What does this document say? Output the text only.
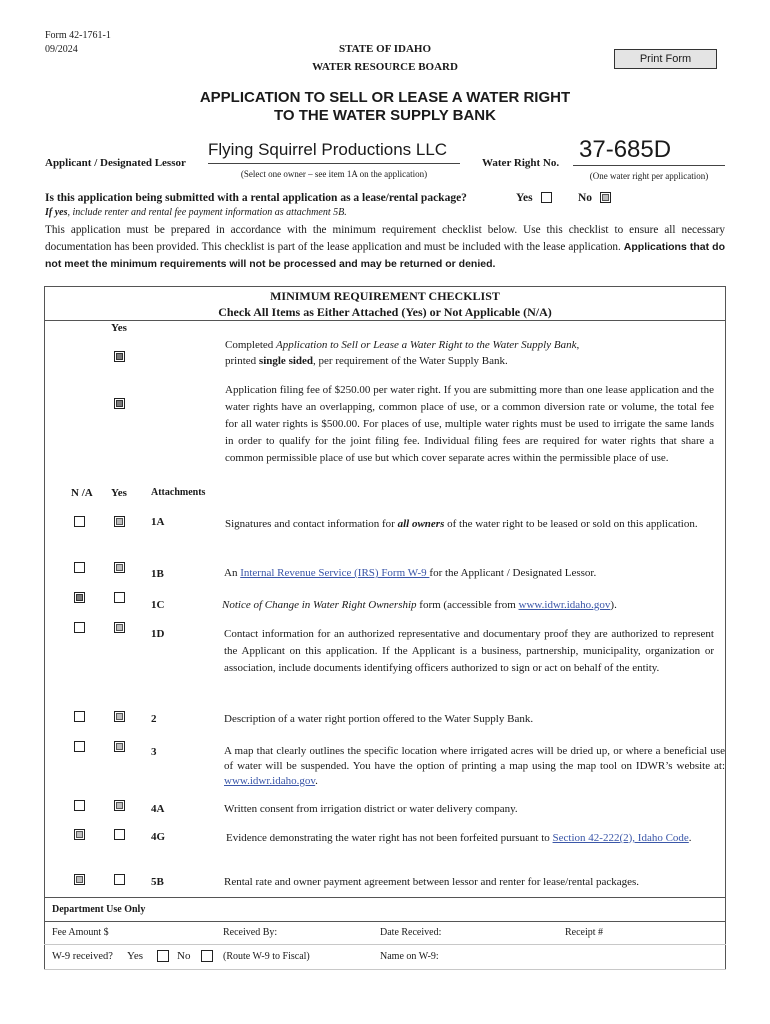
Form 42-1761-1
09/2024	STATE OF IDAHO
WATER RESOURCE BOARD
Print Form
APPLICATION TO SELL OR LEASE A WATER RIGHT
TO THE WATER SUPPLY BANK
Applicant / Designated Lessor
Flying Squirrel Productions LLC
(Select one owner – see item 1A on the application)
Water Right No. 37-685D
(One water right per application)
Is this application being submitted with a rental application as a lease/rental package?	Yes	No
If yes, include renter and rental fee payment information as attachment 5B.
This application must be prepared in accordance with the minimum requirement checklist below. Use this checklist to ensure all necessary documentation has been provided. This checklist is part of the lease application and must be included with the lease application. Applications that do not meet the minimum requirements will not be processed and may be returned or denied.
MINIMUM REQUIREMENT CHECKLIST
Check All Items as Either Attached (Yes) or Not Applicable (N/A)
Yes
Completed Application to Sell or Lease a Water Right to the Water Supply Bank,
printed single sided, per requirement of the Water Supply Bank.
Application filing fee of $250.00 per water right. If you are submitting more than one lease application and the water rights have an overlapping, common place of use, or a common diversion rate or volume, the total fee for all water rights is $500.00. For places of use, multiple water rights must be used to irrigate the same lands in order to qualify for the joint filing fee. Individual filing fees are required for water rights that share a common permissible place of use but which cover separate acres within the permissible place of use.
N /A Yes Attachments
1A	Signatures and contact information for all owners of the water right to be leased or sold on this application.
1B	An Internal Revenue Service (IRS) Form W-9 for the Applicant / Designated Lessor.
1C	Notice of Change in Water Right Ownership form (accessible from www.idwr.idaho.gov).
1D	Contact information for an authorized representative and documentary proof they are authorized to represent the Applicant on this application. If the Applicant is a business, partnership, municipality, organization or association, include documents identifying officers authorized to sign or act on behalf of the entity.
2	Description of a water right portion offered to the Water Supply Bank.
3	A map that clearly outlines the specific location where irrigated acres will be dried up, or where a beneficial use of water will be suspended. You have the option of printing a map using the map tool on IDWR’s website at: www.idwr.idaho.gov.
4A	Written consent from irrigation district or water delivery company.
4G	Evidence demonstrating the water right has not been forfeited pursuant to Section 42-222(2), Idaho Code.
5B	Rental rate and owner payment agreement between lessor and renter for lease/rental packages.
Department Use Only
Fee Amount $	Received By:	Date Received:	Receipt #
W-9 received? Yes	No	(Route W-9 to Fiscal)	Name on W-9:
